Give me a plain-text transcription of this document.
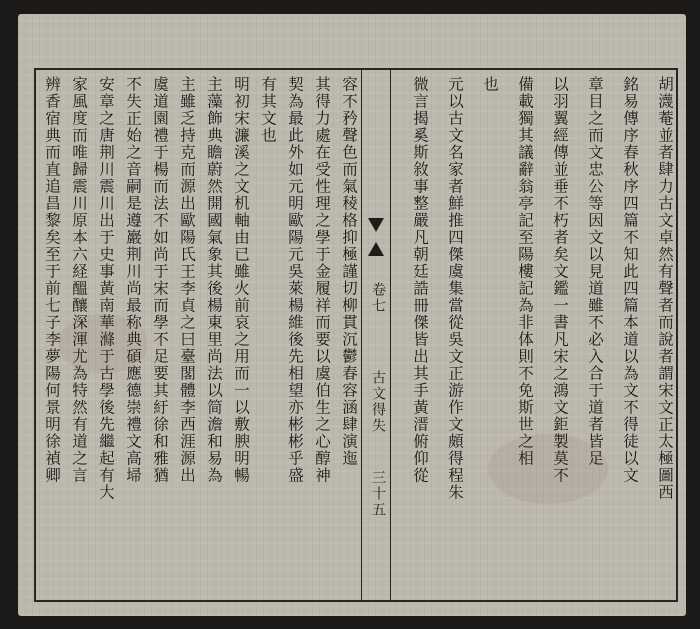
容不矜聲色而氣稜格抑極謹切柳貫沉鬱春容涵肆演迤
其得力處在受性理之學于金履祥而要以虞伯生之心醇神
契為最此外如元明歐陽元吳萊楊維後先相望亦彬彬乎盛
有其文也
明初宋濂溪之文机軸由已雖火前哀之用而一以敷腴明暢
主藻飾典瞻蔚然開國氣象其後楊東里尚法以简澹和易為
主雖乏持克而源出歐陽氏王李貞之曰臺閣體李西涯源出
虞道園禮于楊而法不如尚于宋而學不足要其紆徐和雅猶
不失正始之音嗣是遵巖荆川尚最称典碩應德崇禮文高埽
安章之唐荆川震川出于史事黃南華滌于古學後先繼起有大
家風度而唯歸震川原本六経醞釀深渾尤為特然有道之言
辨香宿典而直追昌黎矣至于前七子李夢陽何景明徐禎卿	卷七
古文得失
三十五	胡瀎菴並者肆力古文卓然有聲者而說者謂宋文正太極圖西
銘易傳序春秋序四篇不知此四篇本道以為文不得徒以文
章目之而文忠公等因文以見道雖不必入合于道者皆足
以羽翼經傳並垂不朽者矣文鑑一書凡宋之鴻文鉅製莫不
備載獨其議辭翁亭記至陽樓記為非体則不免斯世之相
也
元以古文名家者鮮推四傑虞集當從吳文正游作文頗得程朱
微言揭奚斯敘事整嚴凡朝廷誥冊傑皆出其手黃溍俯仰從
